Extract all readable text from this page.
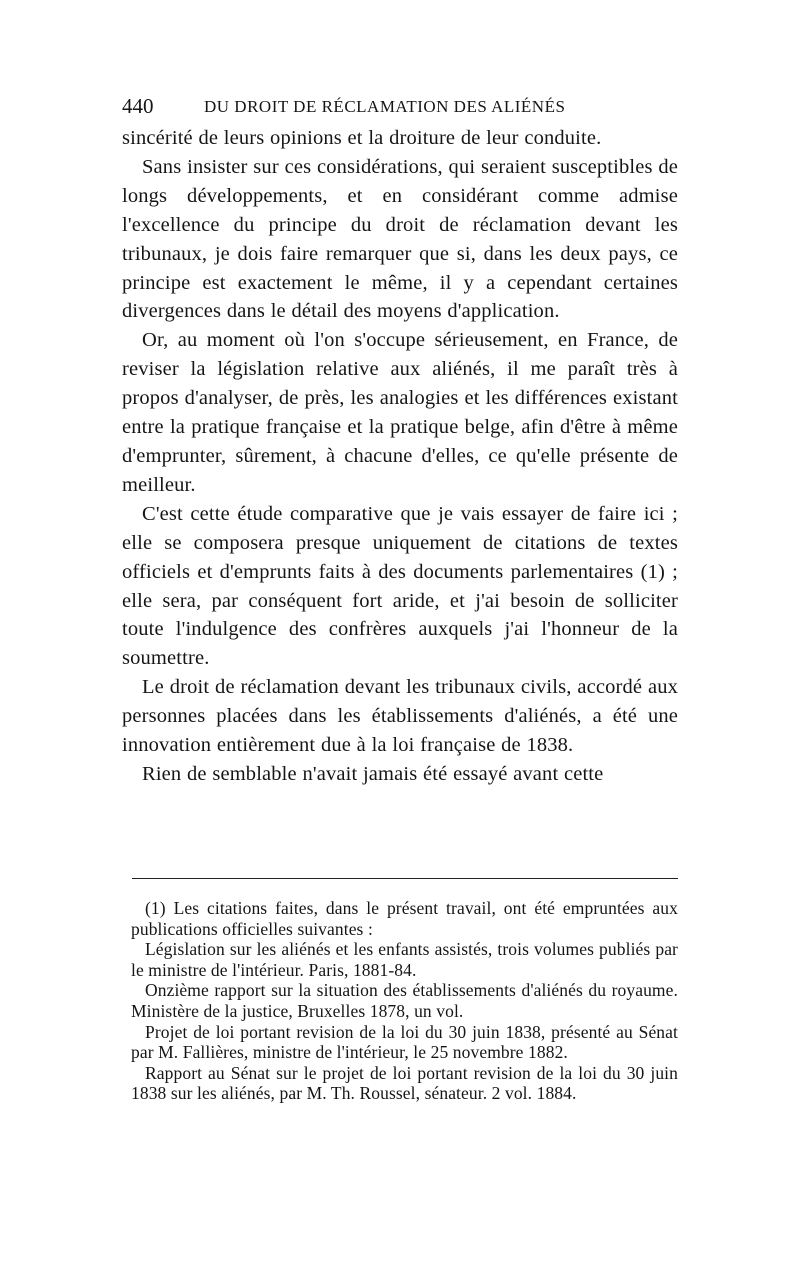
440	DU DROIT DE RÉCLAMATION DES ALIÉNÉS

sincérité de leurs opinions et la droiture de leur conduite.

Sans insister sur ces considérations, qui seraient susceptibles de longs développements, et en considérant comme admise l'excellence du principe du droit de réclamation devant les tribunaux, je dois faire remarquer que si, dans les deux pays, ce principe est exactement le même, il y a cependant certaines divergences dans le détail des moyens d'application.

Or, au moment où l'on s'occupe sérieusement, en France, de reviser la législation relative aux aliénés, il me paraît très à propos d'analyser, de près, les analogies et les différences existant entre la pratique française et la pratique belge, afin d'être à même d'emprunter, sûrement, à chacune d'elles, ce qu'elle présente de meilleur.

C'est cette étude comparative que je vais essayer de faire ici ; elle se composera presque uniquement de citations de textes officiels et d'emprunts faits à des documents parlementaires (1) ; elle sera, par conséquent fort aride, et j'ai besoin de solliciter toute l'indulgence des confrères auxquels j'ai l'honneur de la soumettre.

Le droit de réclamation devant les tribunaux civils, accordé aux personnes placées dans les établissements d'aliénés, a été une innovation entièrement due à la loi française de 1838.

Rien de semblable n'avait jamais été essayé avant cette

(1) Les citations faites, dans le présent travail, ont été empruntées aux publications officielles suivantes :

Législation sur les aliénés et les enfants assistés, trois volumes publiés par le ministre de l'intérieur. Paris, 1881-84.

Onzième rapport sur la situation des établissements d'aliénés du royaume. Ministère de la justice, Bruxelles 1878, un vol.

Projet de loi portant revision de la loi du 30 juin 1838, présenté au Sénat par M. Fallières, ministre de l'intérieur, le 25 novembre 1882.

Rapport au Sénat sur le projet de loi portant revision de la loi du 30 juin 1838 sur les aliénés, par M. Th. Roussel, sénateur. 2 vol. 1884.
